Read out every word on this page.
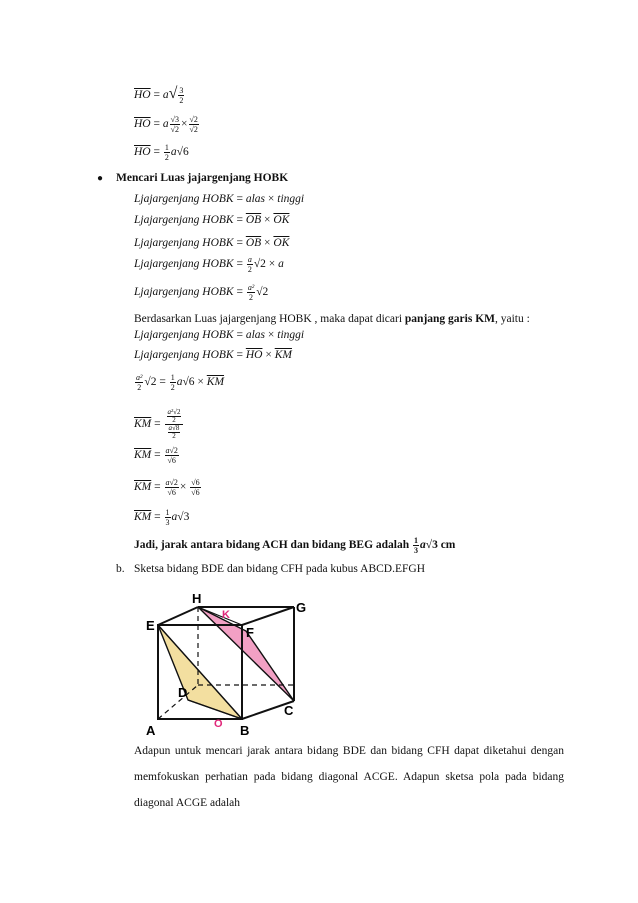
$\overline{HO} = a√ \frac{3}{2}$
$\overline{HO} = a \frac{√3}{√2} \times \frac{√2}{√2}$
$\overline{HO} = \frac{1}{2} a√6$
● Mencari Luas jajargenjang HOBK
Ljajargenjang HOBK = alas × tinggi
Ljajargenjang HOBK = $\overline{OB} \times \overline{OK}$
Ljajargenjang HOBK = $\overline{OB} \times \overline{OK}$
Ljajargenjang HOBK = $\frac{a}{2} √2 \times a$
Ljajargenjang HOBK = $\frac{\text{a²}}{2} √2$
Berdasarkan Luas jajargenjang HOBK , maka dapat dicari panjang garis KM, yaitu :
Ljajargenjang HOBK = alas × tinggi
Ljajargenjang HOBK = $\overline{HO} \times \overline{KM}$
$\frac{\text{a²}}{2} √2 = \frac{1}{2} a√6 \times \overline{KM}$
$\overline{KM} = \frac{\frac{\text{a²√2}}{2}}{\frac{a√8}{2}}$
$\overline{KM} = \frac{a√2}{√6}$
$\overline{KM} = \frac{a√2}{√6} \times \frac{√6}{√6}$
$\overline{KM} = \frac{1}{3} a√3$
Jadi, jarak antara bidang ACH dan bidang BEG adalah $\frac{1}{3} a√3$ cm
b. Sketsa bidang BDE dan bidang CFH pada kubus ABCD.EFGH
K
O
H
G
E	F
D
C
A	B

Adapun untuk mencari jarak antara bidang BDE dan bidang CFH dapat diketahui dengan memfokuskan perhatian pada bidang diagonal ACGE. Adapun sketsa pola pada bidang diagonal ACGE adalah
